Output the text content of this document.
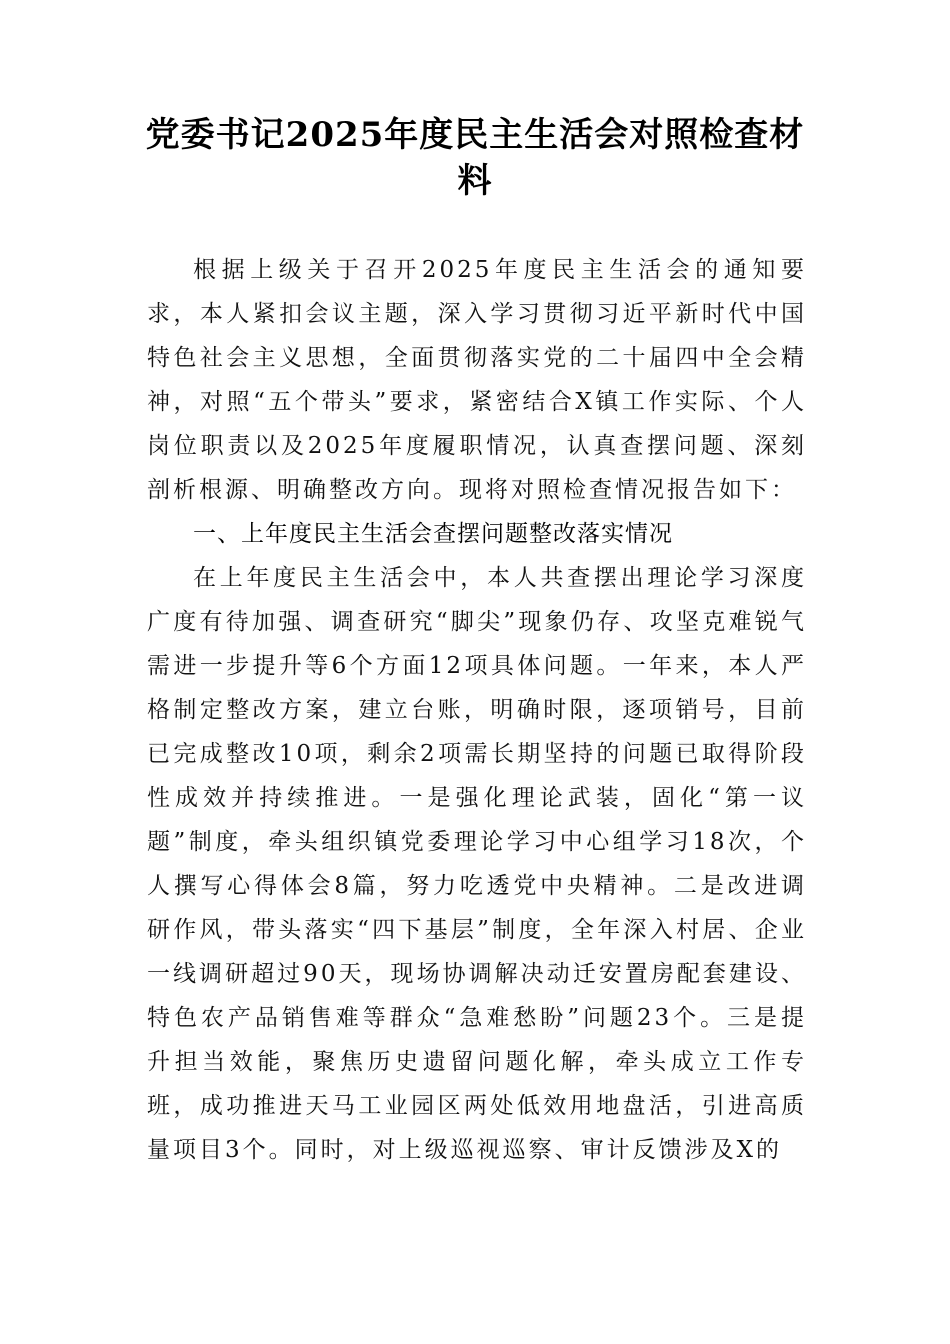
党委书记2025年度民主生活会对照检查材料

根据上级关于召开2025年度民主生活会的通知要求，本人紧扣会议主题，深入学习贯彻习近平新时代中国特色社会主义思想，全面贯彻落实党的二十届四中全会精神，对照“五个带头”要求，紧密结合X镇工作实际、个人岗位职责以及2025年度履职情况，认真查摆问题、深刻剖析根源、明确整改方向。现将对照检查情况报告如下：

一、上年度民主生活会查摆问题整改落实情况

在上年度民主生活会中，本人共查摆出理论学习深度广度有待加强、调查研究“脚尖”现象仍存、攻坚克难锐气需进一步提升等6个方面12项具体问题。一年来，本人严格制定整改方案，建立台账，明确时限，逐项销号，目前已完成整改10项，剩余2项需长期坚持的问题已取得阶段性成效并持续推进。一是强化理论武装，固化“第一议题”制度，牵头组织镇党委理论学习中心组学习18次，个人撰写心得体会8篇，努力吃透党中央精神。二是改进调研作风，带头落实“四下基层”制度，全年深入村居、企业一线调研超过90天，现场协调解决动迁安置房配套建设、特色农产品销售难等群众“急难愁盼”问题23个。三是提升担当效能，聚焦历史遗留问题化解，牵头成立工作专班，成功推进天马工业园区两处低效用地盘活，引进高质量项目3个。同时，对上级巡视巡察、审计反馈涉及X的
